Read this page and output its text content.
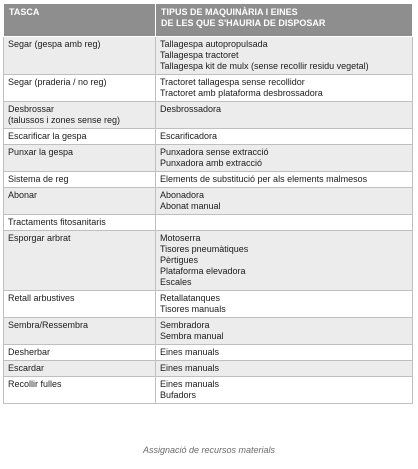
TASCA	TIPUS DE MAQUINÀRIA I EINES
DE LES QUE S'HAURIA DE DISPOSAR

Segar (gespa amb reg)	Tallagespa autopropulsada
Tallagespa tractoret
Tallagespa kit de mulx (sense recollir residu vegetal)

Segar (praderia / no reg)	Tractoret tallagespa sense recollidor
Tractoret amb plataforma desbrossadora

Desbrossar
(talussos i zones sense reg)	Desbrossadora

Escarificar la gespa	Escarificadora

Punxar la gespa	Punxadora sense extracció
Punxadora amb extracció

Sistema de reg	Elements de substitució per als elements malmesos

Abonar	Abonadora
Abonat manual

Tractaments fitosanitaris	

Esporgar arbrat	Motoserra
Tisores pneumàtiques
Pèrtigues
Plataforma elevadora
Escales

Retall arbustives	Retallatanques
Tisores manuals

Sembra/Ressembra	Sembradora
Sembra manual

Desherbar	Eines manuals

Escardar	Eines manuals

Recollir fulles	Eines manuals
Bufadors
Assignació de recursos materials
